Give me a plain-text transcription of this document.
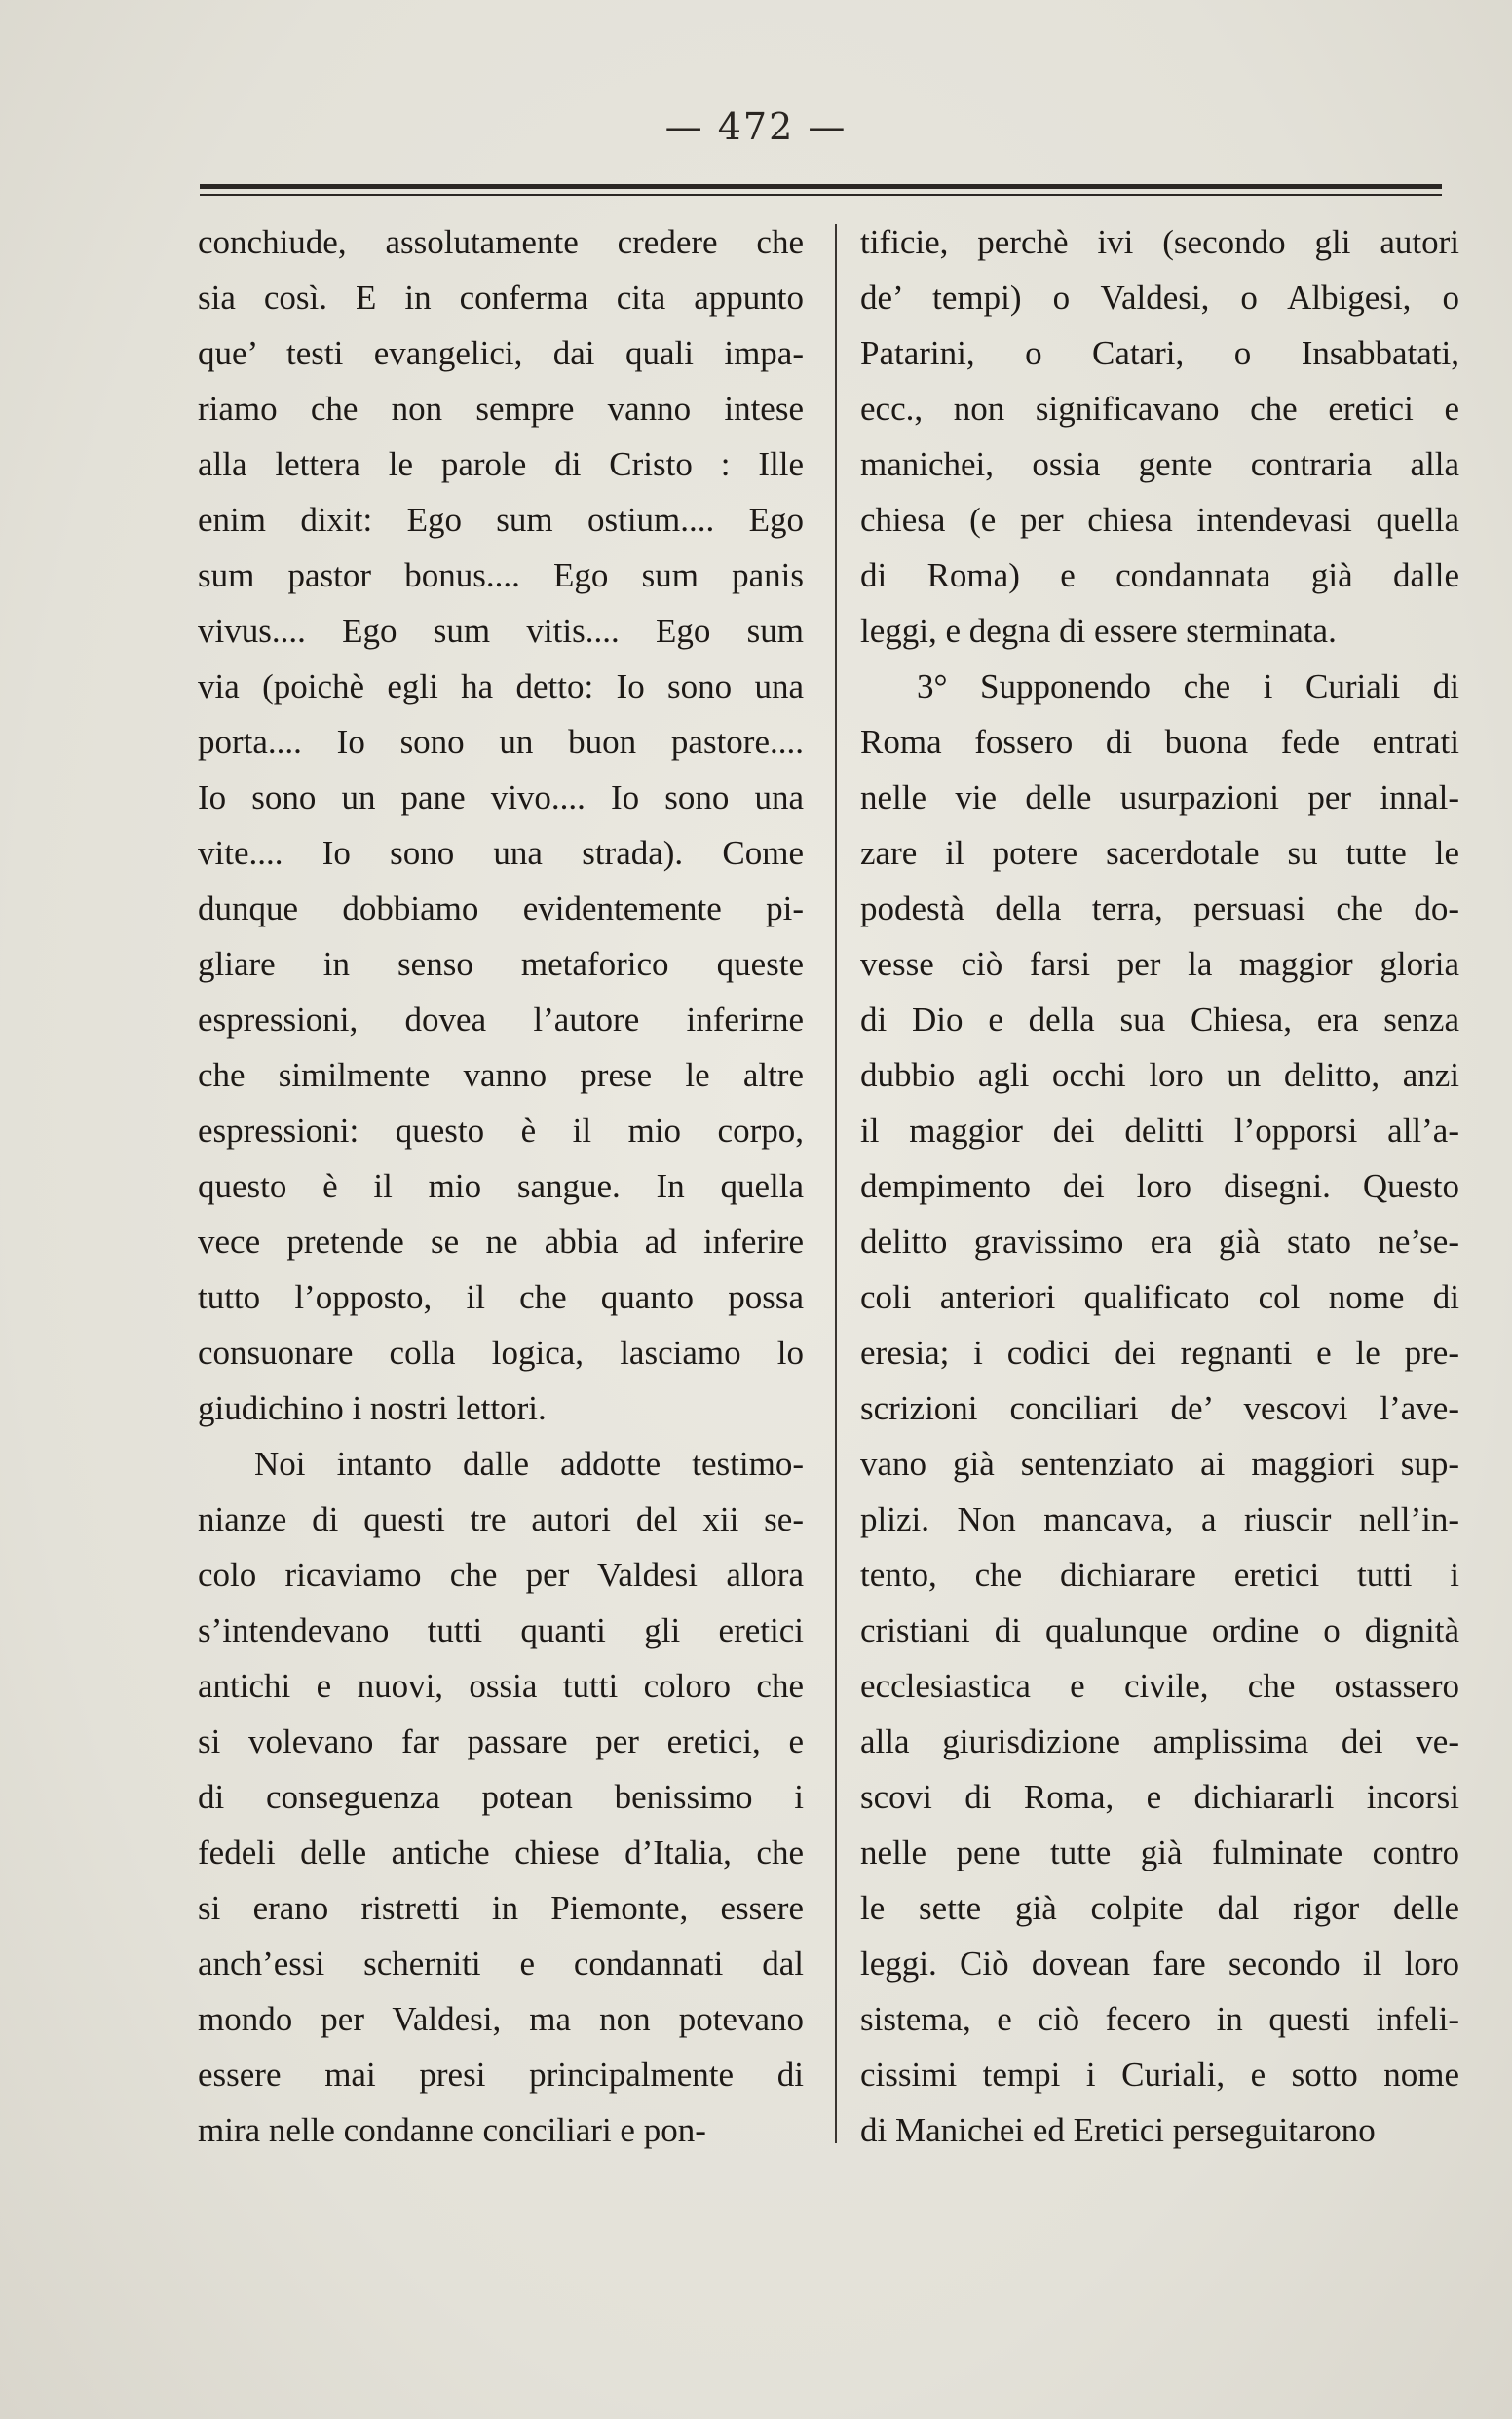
— 472 —
conchiude, assolutamente credere che
sia così. E in conferma cita appunto
que’ testi evangelici, dai quali impa-
riamo che non sempre vanno intese
alla lettera le parole di Cristo : Ille
enim dixit: Ego sum ostium.... Ego
sum pastor bonus.... Ego sum panis
vivus.... Ego sum vitis.... Ego sum
via (poichè egli ha detto: Io sono una
porta.... Io sono un buon pastore....
Io sono un pane vivo.... Io sono una
vite.... Io sono una strada). Come
dunque dobbiamo evidentemente pi-
gliare in senso metaforico queste
espressioni, dovea l’autore inferirne
che similmente vanno prese le altre
espressioni: questo è il mio corpo,
questo è il mio sangue. In quella
vece pretende se ne abbia ad inferire
tutto l’opposto, il che quanto possa
consuonare colla logica, lasciamo lo
giudichino i nostri lettori.
Noi intanto dalle addotte testimo-
nianze di questi tre autori del xii se-
colo ricaviamo che per Valdesi allora
s’intendevano tutti quanti gli eretici
antichi e nuovi, ossia tutti coloro che
si volevano far passare per eretici, e
di conseguenza potean benissimo i
fedeli delle antiche chiese d’Italia, che
si erano ristretti in Piemonte, essere
anch’essi scherniti e condannati dal
mondo per Valdesi, ma non potevano
essere mai presi principalmente di
mira nelle condanne conciliari e pon-
tificie, perchè ivi (secondo gli autori
de’ tempi) o Valdesi, o Albigesi, o
Patarini, o Catari, o Insabbatati,
ecc., non significavano che eretici e
manichei, ossia gente contraria alla
chiesa (e per chiesa intendevasi quella
di Roma) e condannata già dalle
leggi, e degna di essere sterminata.
3° Supponendo che i Curiali di
Roma fossero di buona fede entrati
nelle vie delle usurpazioni per innal-
zare il potere sacerdotale su tutte le
podestà della terra, persuasi che do-
vesse ciò farsi per la maggior gloria
di Dio e della sua Chiesa, era senza
dubbio agli occhi loro un delitto, anzi
il maggior dei delitti l’opporsi all’a-
dempimento dei loro disegni. Questo
delitto gravissimo era già stato ne’se-
coli anteriori qualificato col nome di
eresia; i codici dei regnanti e le pre-
scrizioni conciliari de’ vescovi l’ave-
vano già sentenziato ai maggiori sup-
plizi. Non mancava, a riuscir nell’in-
tento, che dichiarare eretici tutti i
cristiani di qualunque ordine o dignità
ecclesiastica e civile, che ostassero
alla giurisdizione amplissima dei ve-
scovi di Roma, e dichiararli incorsi
nelle pene tutte già fulminate contro
le sette già colpite dal rigor delle
leggi. Ciò dovean fare secondo il loro
sistema, e ciò fecero in questi infeli-
cissimi tempi i Curiali, e sotto nome
di Manichei ed Eretici perseguitarono
